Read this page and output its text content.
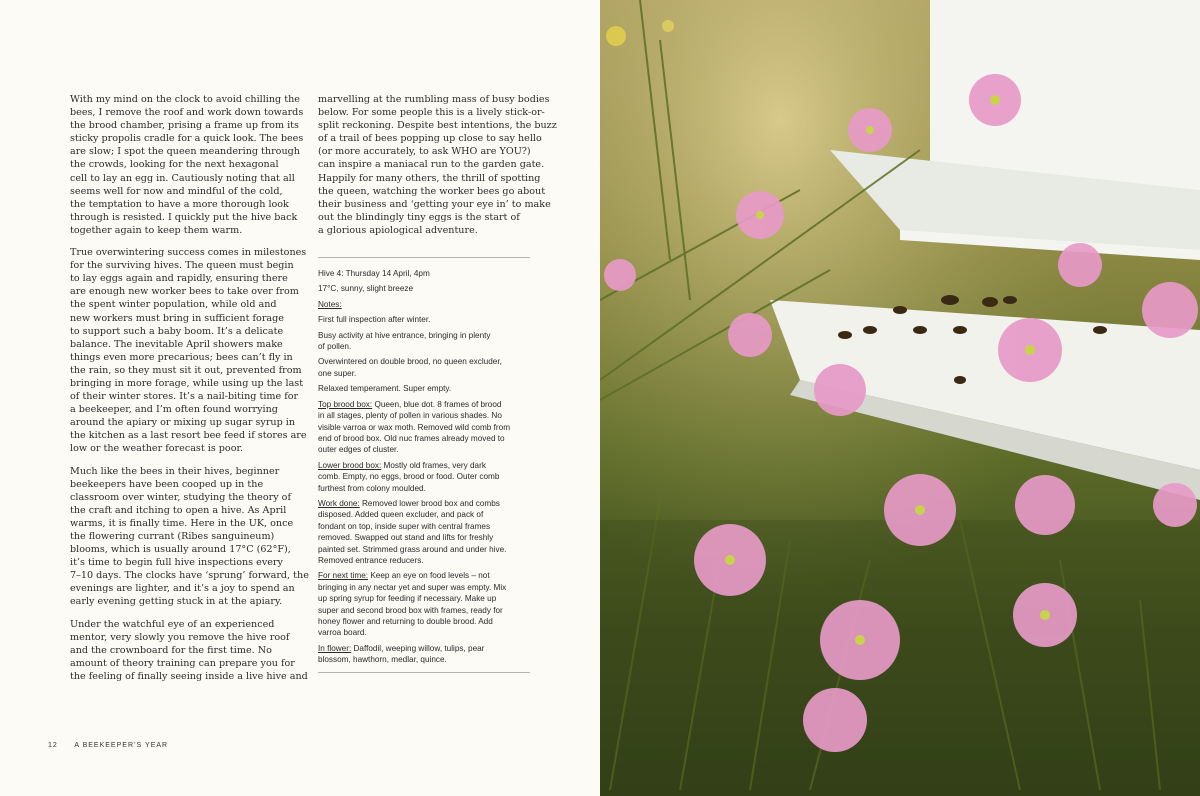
With my mind on the clock to avoid chilling the
bees, I remove the roof and work down towards
the brood chamber, prising a frame up from its
sticky propolis cradle for a quick look. The bees
are slow; I spot the queen meandering through
the crowds, looking for the next hexagonal
cell to lay an egg in. Cautiously noting that all
seems well for now and mindful of the cold,
the temptation to have a more thorough look
through is resisted. I quickly put the hive back
together again to keep them warm.

True overwintering success comes in milestones
for the surviving hives. The queen must begin
to lay eggs again and rapidly, ensuring there
are enough new worker bees to take over from
the spent winter population, while old and
new workers must bring in sufficient forage
to support such a baby boom. It’s a delicate
balance. The inevitable April showers make
things even more precarious; bees can’t fly in
the rain, so they must sit it out, prevented from
bringing in more forage, while using up the last
of their winter stores. It’s a nail-biting time for
a beekeeper, and I’m often found worrying
around the apiary or mixing up sugar syrup in
the kitchen as a last resort bee feed if stores are
low or the weather forecast is poor.

Much like the bees in their hives, beginner
beekeepers have been cooped up in the
classroom over winter, studying the theory of
the craft and itching to open a hive. As April
warms, it is finally time. Here in the UK, once
the flowering currant (Ribes sanguineum)
blooms, which is usually around 17°C (62°F),
it’s time to begin full hive inspections every
7–10 days. The clocks have ‘sprung’ forward, the
evenings are lighter, and it’s a joy to spend an
early evening getting stuck in at the apiary.

Under the watchful eye of an experienced
mentor, very slowly you remove the hive roof
and the crownboard for the first time. No
amount of theory training can prepare you for
the feeling of finally seeing inside a live hive and

marvelling at the rumbling mass of busy bodies
below. For some people this is a lively stick-or-
split reckoning. Despite best intentions, the buzz
of a trail of bees popping up close to say hello
(or more accurately, to ask WHO are YOU?)
can inspire a maniacal run to the garden gate.
Happily for many others, the thrill of spotting
the queen, watching the worker bees go about
their business and ‘getting your eye in’ to make
out the blindingly tiny eggs is the start of
a glorious apiological adventure.

Hive 4: Thursday 14 April, 4pm
17°C, sunny, slight breeze
Notes:
First full inspection after winter.
Busy activity at hive entrance, bringing in plenty
of pollen.
Overwintered on double brood, no queen excluder,
one super.
Relaxed temperament. Super empty.
Top brood box: Queen, blue dot. 8 frames of brood
in all stages, plenty of pollen in various shades. No
visible varroa or wax moth. Removed wild comb from
end of brood box. Old nuc frames already moved to
outer edges of cluster.
Lower brood box: Mostly old frames, very dark
comb. Empty, no eggs, brood or food. Outer comb
furthest from colony moulded.
Work done: Removed lower brood box and combs
disposed. Added queen excluder, and pack of
fondant on top, inside super with central frames
removed. Swapped out stand and lifts for freshly
painted set. Strimmed grass around and under hive.
Removed entrance reducers.
For next time: Keep an eye on food levels – not
bringing in any nectar yet and super was empty. Mix
up spring syrup for feeding if necessary. Make up
super and second brood box with frames, ready for
honey flower and returning to double brood. Add
varroa board.
In flower: Daffodil, weeping willow, tulips, pear
blossom, hawthorn, medlar, quince.
12 A BEEKEEPER’S YEAR
